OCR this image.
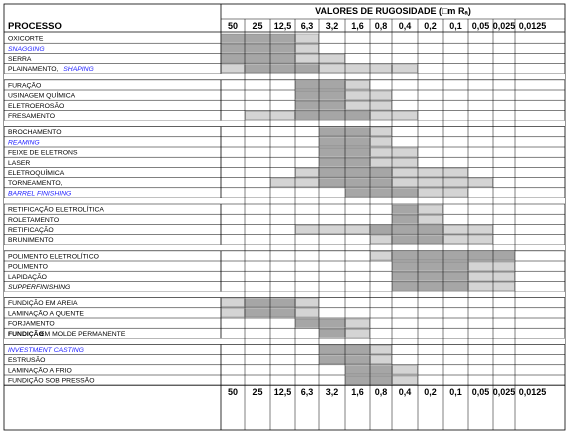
VALORES DE RUGOSIDADE (□m Rₐ)
PROCESSO	50 25 12,5 6,3 3,2 1,6 0,8 0,4 0,2 0,1 0,05 0,025 0,0125
OXICORTE
SNAGGING
SERRA
PLAINAMENTO, SHAPING
FURAÇÃO
USINAGEM QUÍMICA
ELETROEROSÃO
FRESAMENTO
BROCHAMENTO
REAMING
FEIXE DE ELETRONS
LASER
ELETROQUÍMICA
TORNEAMENTO,
BARREL FINISHING
RETIFICAÇÃO ELETROLÍTICA
ROLETAMENTO
RETIFICAÇÃO
BRUNIMENTO
POLIMENTO ELETROLÍTICO
POLIMENTO
LAPIDAÇÃO
SUPPERFINISHING
FUNDIÇÃO EM AREIA
LAMINAÇÃO A QUENTE
FORJAMENTO
FUNDIÇÃO
EM MOLDE PERMANENTE
INVESTMENT CASTING
ESTRUSÃO
LAMINAÇÃO A FRIO
FUNDIÇÃO SOB PRESSÃO
50 25 12,5 6,3 3,2 1,6 0,8 0,4 0,2 0,1 0,05 0,025 0,0125
